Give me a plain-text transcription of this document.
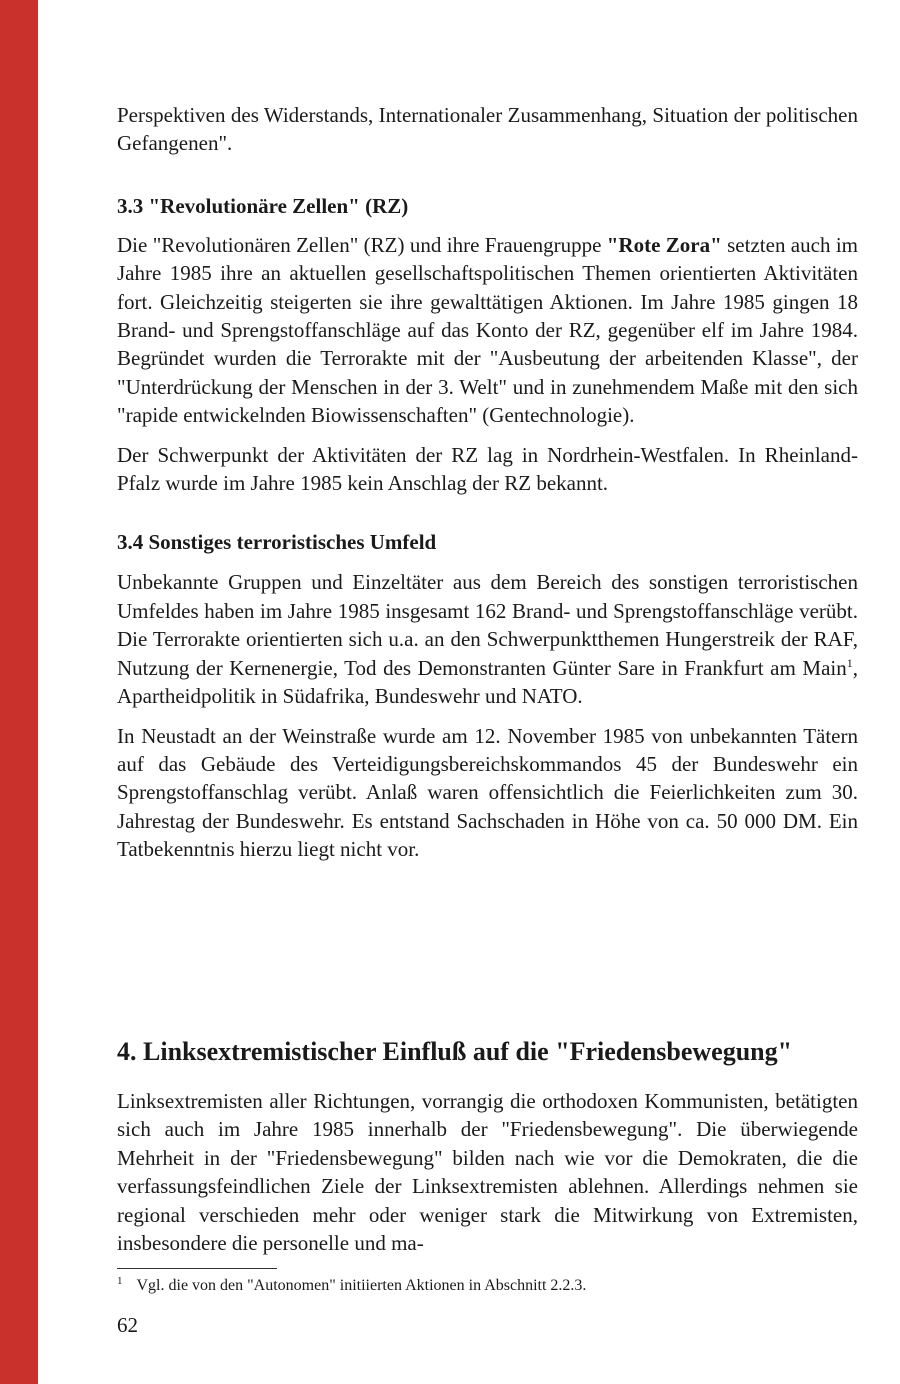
Perspektiven des Widerstands, Internationaler Zusammenhang, Situation der politischen Gefangenen".

3.3 "Revolutionäre Zellen" (RZ)

Die "Revolutionären Zellen" (RZ) und ihre Frauengruppe "Rote Zora" setzten auch im Jahre 1985 ihre an aktuellen gesellschaftspolitischen Themen orientierten Aktivitäten fort. Gleichzeitig steigerten sie ihre gewalttätigen Aktionen. Im Jahre 1985 gingen 18 Brand- und Sprengstoffanschläge auf das Konto der RZ, gegenüber elf im Jahre 1984. Begründet wurden die Terrorakte mit der "Ausbeutung der arbeitenden Klasse", der "Unterdrückung der Menschen in der 3. Welt" und in zunehmendem Maße mit den sich "rapide entwickelnden Biowissenschaften" (Gentechnologie).

Der Schwerpunkt der Aktivitäten der RZ lag in Nordrhein-Westfalen. In Rheinland-Pfalz wurde im Jahre 1985 kein Anschlag der RZ bekannt.

3.4 Sonstiges terroristisches Umfeld

Unbekannte Gruppen und Einzeltäter aus dem Bereich des sonstigen terroristischen Umfeldes haben im Jahre 1985 insgesamt 162 Brand- und Sprengstoffanschläge verübt. Die Terrorakte orientierten sich u.a. an den Schwerpunktthemen Hungerstreik der RAF, Nutzung der Kernenergie, Tod des Demonstranten Günter Sare in Frankfurt am Main$^1$, Apartheidpolitik in Südafrika, Bundeswehr und NATO.

In Neustadt an der Weinstraße wurde am 12. November 1985 von unbekannten Tätern auf das Gebäude des Verteidigungsbereichskommandos 45 der Bundeswehr ein Sprengstoffanschlag verübt. Anlaß waren offensichtlich die Feierlichkeiten zum 30. Jahrestag der Bundeswehr. Es entstand Sachschaden in Höhe von ca. 50 000 DM. Ein Tatbekenntnis hierzu liegt nicht vor.

4. Linksextremistischer Einfluß auf die "Friedensbewegung"

Linksextremisten aller Richtungen, vorrangig die orthodoxen Kommunisten, betätigten sich auch im Jahre 1985 innerhalb der "Friedensbewegung". Die überwiegende Mehrheit in der "Friedensbewegung" bilden nach wie vor die Demokraten, die die verfassungsfeindlichen Ziele der Linksextremisten ablehnen. Allerdings nehmen sie regional verschieden mehr oder weniger stark die Mitwirkung von Extremisten, insbesondere die personelle und ma-

$^1$ Vgl. die von den "Autonomen" initiierten Aktionen in Abschnitt 2.2.3.
62
